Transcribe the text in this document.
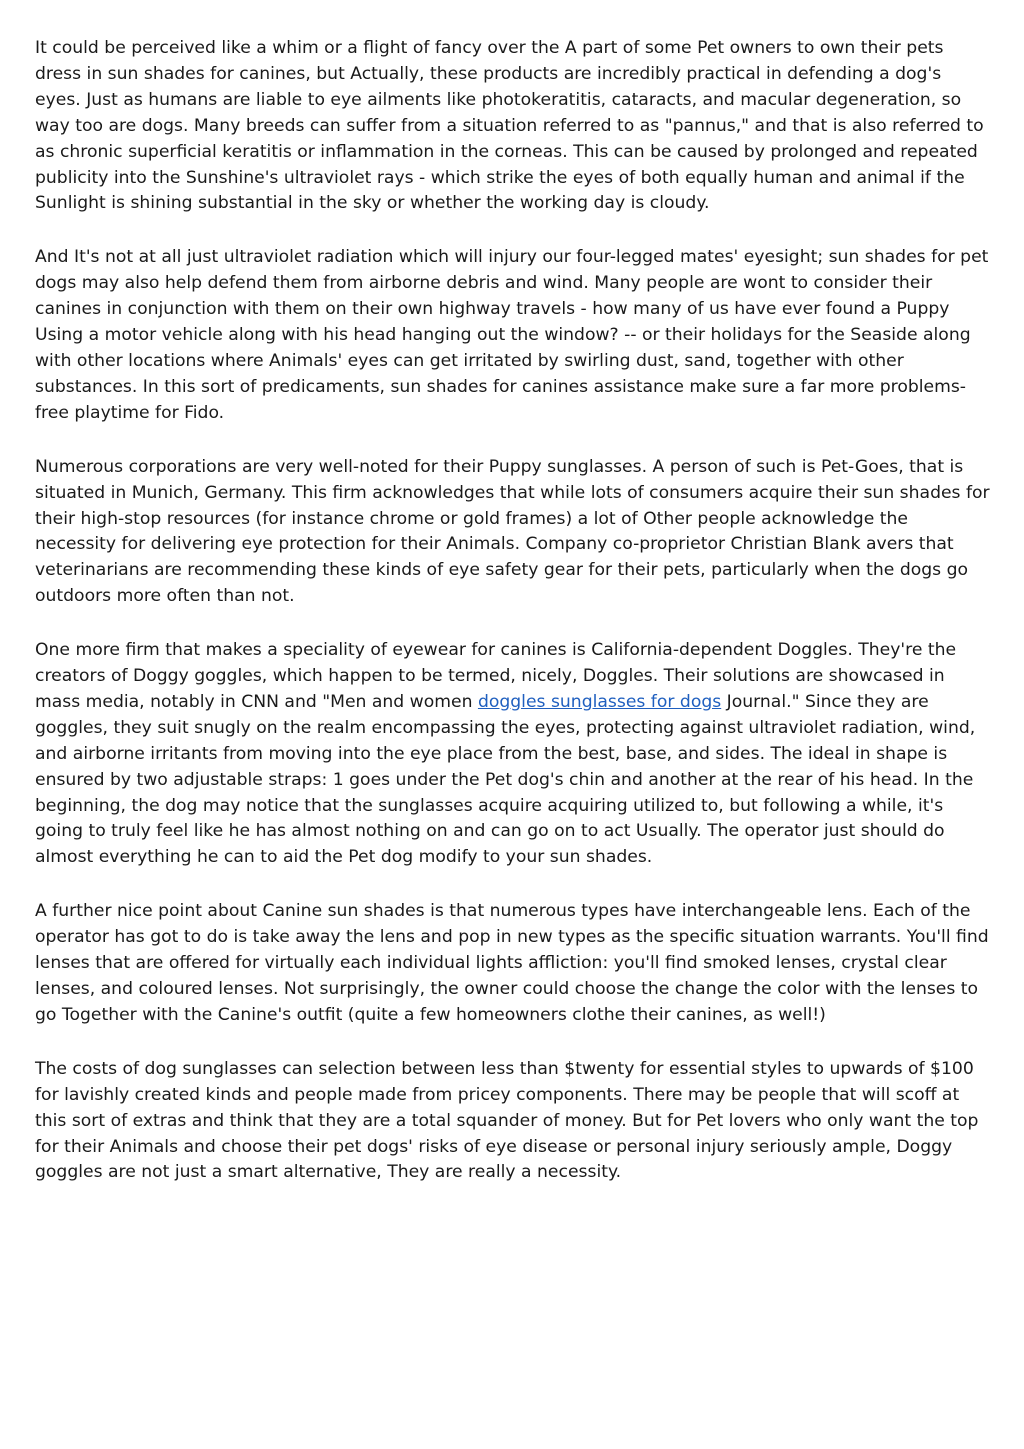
It could be perceived like a whim or a flight of fancy over the A part of some Pet owners to own their pets dress in sun shades for canines, but Actually, these products are incredibly practical in defending a dog's eyes. Just as humans are liable to eye ailments like photokeratitis, cataracts, and macular degeneration, so way too are dogs. Many breeds can suffer from a situation referred to as "pannus," and that is also referred to as chronic superficial keratitis or inflammation in the corneas. This can be caused by prolonged and repeated publicity into the Sunshine's ultraviolet rays - which strike the eyes of both equally human and animal if the Sunlight is shining substantial in the sky or whether the working day is cloudy.

And It's not at all just ultraviolet radiation which will injury our four-legged mates' eyesight; sun shades for pet dogs may also help defend them from airborne debris and wind. Many people are wont to consider their canines in conjunction with them on their own highway travels - how many of us have ever found a Puppy Using a motor vehicle along with his head hanging out the window? -- or their holidays for the Seaside along with other locations where Animals' eyes can get irritated by swirling dust, sand, together with other substances. In this sort of predicaments, sun shades for canines assistance make sure a far more problems-free playtime for Fido.

Numerous corporations are very well-noted for their Puppy sunglasses. A person of such is Pet-Goes, that is situated in Munich, Germany. This firm acknowledges that while lots of consumers acquire their sun shades for their high-stop resources (for instance chrome or gold frames) a lot of Other people acknowledge the necessity for delivering eye protection for their Animals. Company co-proprietor Christian Blank avers that veterinarians are recommending these kinds of eye safety gear for their pets, particularly when the dogs go outdoors more often than not.

One more firm that makes a speciality of eyewear for canines is California-dependent Doggles. They're the creators of Doggy goggles, which happen to be termed, nicely, Doggles. Their solutions are showcased in mass media, notably in CNN and "Men and women doggles sunglasses for dogs Journal." Since they are goggles, they suit snugly on the realm encompassing the eyes, protecting against ultraviolet radiation, wind, and airborne irritants from moving into the eye place from the best, base, and sides. The ideal in shape is ensured by two adjustable straps: 1 goes under the Pet dog's chin and another at the rear of his head. In the beginning, the dog may notice that the sunglasses acquire acquiring utilized to, but following a while, it's going to truly feel like he has almost nothing on and can go on to act Usually. The operator just should do almost everything he can to aid the Pet dog modify to your sun shades.

A further nice point about Canine sun shades is that numerous types have interchangeable lens. Each of the operator has got to do is take away the lens and pop in new types as the specific situation warrants. You'll find lenses that are offered for virtually each individual lights affliction: you'll find smoked lenses, crystal clear lenses, and coloured lenses. Not surprisingly, the owner could choose the change the color with the lenses to go Together with the Canine's outfit (quite a few homeowners clothe their canines, as well!)

The costs of dog sunglasses can selection between less than $twenty for essential styles to upwards of $100 for lavishly created kinds and people made from pricey components. There may be people that will scoff at this sort of extras and think that they are a total squander of money. But for Pet lovers who only want the top for their Animals and choose their pet dogs' risks of eye disease or personal injury seriously ample, Doggy goggles are not just a smart alternative, They are really a necessity.
